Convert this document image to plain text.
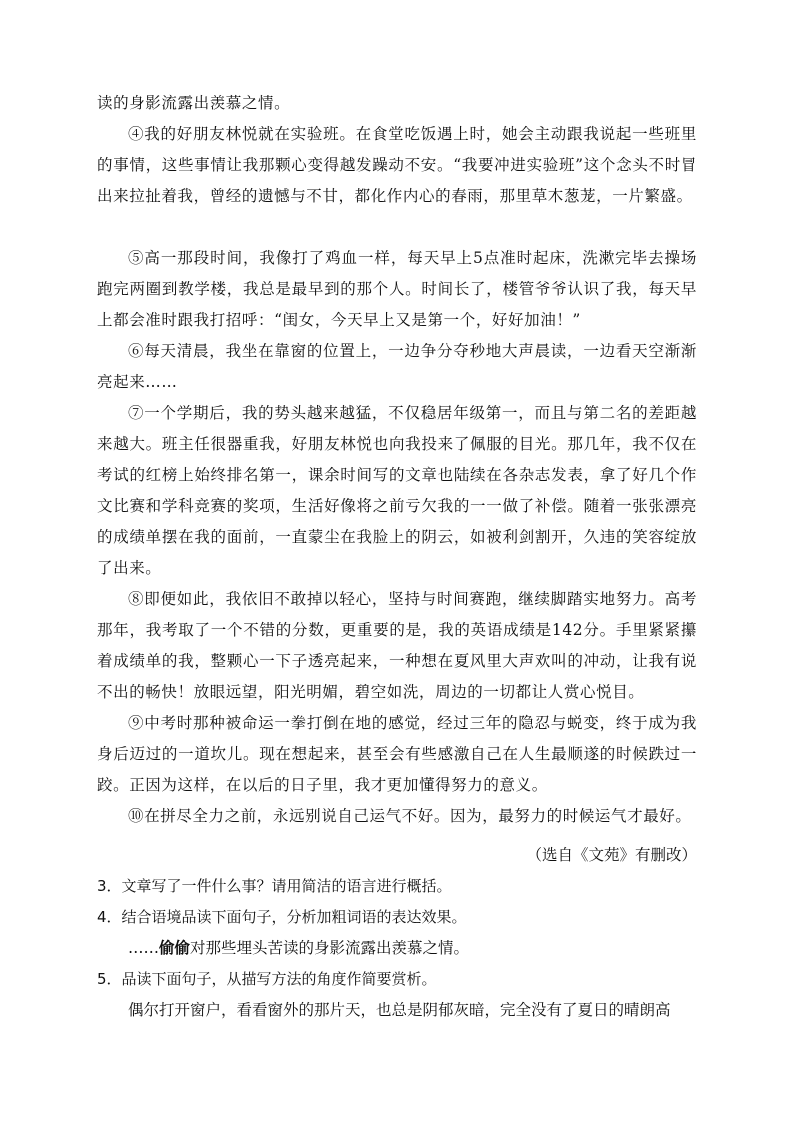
读的身影流露出羡慕之情。

④我的好朋友林悦就在实验班。在食堂吃饭遇上时，她会主动跟我说起一些班里的事情，这些事情让我那颗心变得越发躁动不安。“我要冲进实验班”这个念头不时冒出来拉扯着我，曾经的遗憾与不甘，都化作内心的春雨，那里草木葱茏，一片繁盛。

⑤高一那段时间，我像打了鸡血一样，每天早上5点准时起床，洗漱完毕去操场跑完两圈到教学楼，我总是最早到的那个人。时间长了，楼管爷爷认识了我，每天早上都会准时跟我打招呼：“闺女，今天早上又是第一个，好好加油！”

⑥每天清晨，我坐在靠窗的位置上，一边争分夺秒地大声晨读，一边看天空渐渐亮起来……

⑦一个学期后，我的势头越来越猛，不仅稳居年级第一，而且与第二名的差距越来越大。班主任很器重我，好朋友林悦也向我投来了佩服的目光。那几年，我不仅在考试的红榜上始终排名第一，课余时间写的文章也陆续在各杂志发表，拿了好几个作文比赛和学科竞赛的奖项，生活好像将之前亏欠我的一一做了补偿。随着一张张漂亮的成绩单摆在我的面前，一直蒙尘在我脸上的阴云，如被利剑割开，久违的笑容绽放了出来。

⑧即便如此，我依旧不敢掉以轻心，坚持与时间赛跑，继续脚踏实地努力。高考那年，我考取了一个不错的分数，更重要的是，我的英语成绩是142分。手里紧紧攥着成绩单的我，整颗心一下子透亮起来，一种想在夏风里大声欢叫的冲动，让我有说不出的畅快！放眼远望，阳光明媚，碧空如洗，周边的一切都让人赏心悦目。

⑨中考时那种被命运一拳打倒在地的感觉，经过三年的隐忍与蜕变，终于成为我身后迈过的一道坎儿。现在想起来，甚至会有些感激自己在人生最顺遂的时候跌过一跤。正因为这样，在以后的日子里，我才更加懂得努力的意义。

⑩在拼尽全力之前，永远别说自己运气不好。因为，最努力的时候运气才最好。

（选自《文苑》有删改）

3．文章写了一件什么事？请用简洁的语言进行概括。

4．结合语境品读下面句子，分析加粗词语的表达效果。

……偷偷对那些埋头苦读的身影流露出羡慕之情。

5．品读下面句子，从描写方法的角度作简要赏析。

偶尔打开窗户，看看窗外的那片天，也总是阴郁灰暗，完全没有了夏日的晴朗高
